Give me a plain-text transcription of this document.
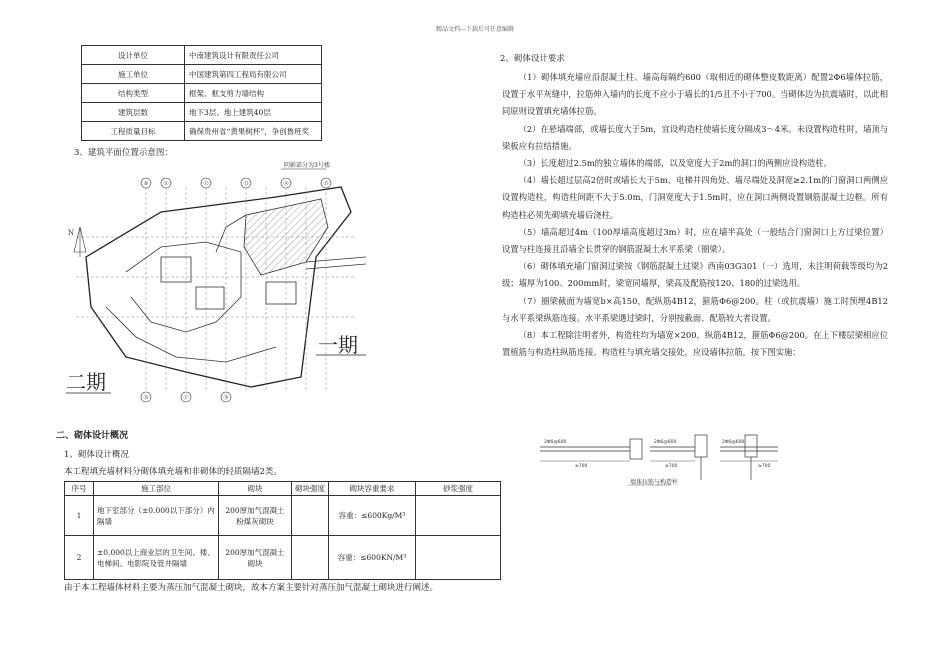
精品文档---下载后可任意编辑
设计单位	中南建筑设计有限责任公司
施工单位	中国建筑第四工程局有限公司
结构类型	框架、框支剪力墙结构
建筑层数	地下3层、地上建筑40层
工程质量目标	确保贵州省“黄果树杯”，争创鲁班奖
3、建筑平面位置示意图：
⑩	⑪	⑫	⑬	⑭	⑮
⑯	⑰	⑱
阴影部分为3号楼
N
二期
一期
二、砌体设计概况
1、砌体设计概况
本工程填充墙材料分砌体填充墙和非砌体的轻质隔墙2类。
序号	施工部位	砌块	砌块强度	砌块容重要求	砂浆强度
1	地下室部分（±0.000以下部分）内隔墙	200厚加气混凝土粉煤灰砌块		容重：≤600Kg/M³	
2	±0.000以上商业层的卫生间、楼、电梯间、电影院及管井隔墙	200厚加气混凝土砌块		容重：≤600KN/M³	
由于本工程墙体材料主要为蒸压加气混凝土砌块，故本方案主要针对蒸压加气混凝土砌块进行阐述。
2、砌体设计要求

（1）砌体填充墙应沿混凝土柱、墙高每隔约600（取相近的砌体整皮数距离）配置2Φ6墙体拉筋，设置于水平灰缝中，拉筋伸入墙内的长度不应小于墙长的1/5且不小于700。当砌体边为抗震墙时，以此相同原则设置填充墙体拉筋。

（2）在悬墙端部，或墙长度大于5m，宜设构造柱使墙长度分隔成3～4米。未设置构造柱时，墙顶与梁板应有拉结措施。

（3）长度超过2.5m的独立墙体的端部，以及宽度大于2m的洞口的两侧应设构造柱。

（4）墙长超过层高2倍时或墙长大于5m、电梯井四角处、墙尽端处及洞宽≥2.1m的门窗洞口两侧应设置构造柱，构造柱间距不大于5.0m，门洞宽度大于1.5m时，应在洞口两侧设置钢筋混凝土边框。所有构造柱必须先砌填充墙后浇柱。

（5）墙高超过4m（100厚墙高度超过3m）时，应在墙半高处（一般结合门窗洞口上方过梁位置）设置与柱连接且沿墙全长贯穿的钢筋混凝土水平系梁（圈梁）。

（6）砌体填充墙门窗洞过梁按《钢筋混凝土过梁》西南03G301（一）选用，未注明荷载等级均为2级；墙厚为100、200mm时，梁宽同墙厚，梁高及配筋按120、180的过梁选用。

（7）圈梁截面为墙宽b×高150，配纵筋4B12，箍筋Φ6@200。柱（或抗震墙）施工时预埋4B12与水平系梁纵筋连接。水平系梁遇过梁时，分别按截面、配筋较大者设置。

（8）本工程除注明者外，构造柱均为墙宽×200，纵筋4B12，箍筋Φ6@200。在上下楼层梁相应位置植筋与构造柱纵筋连接。构造柱与填充墙交接处，应设墙体拉筋，按下图实施：

2Φ6@600	2Φ6@600	2Φ6@600
≥700	≥700	≥700
墙体拉筋与构造柱
